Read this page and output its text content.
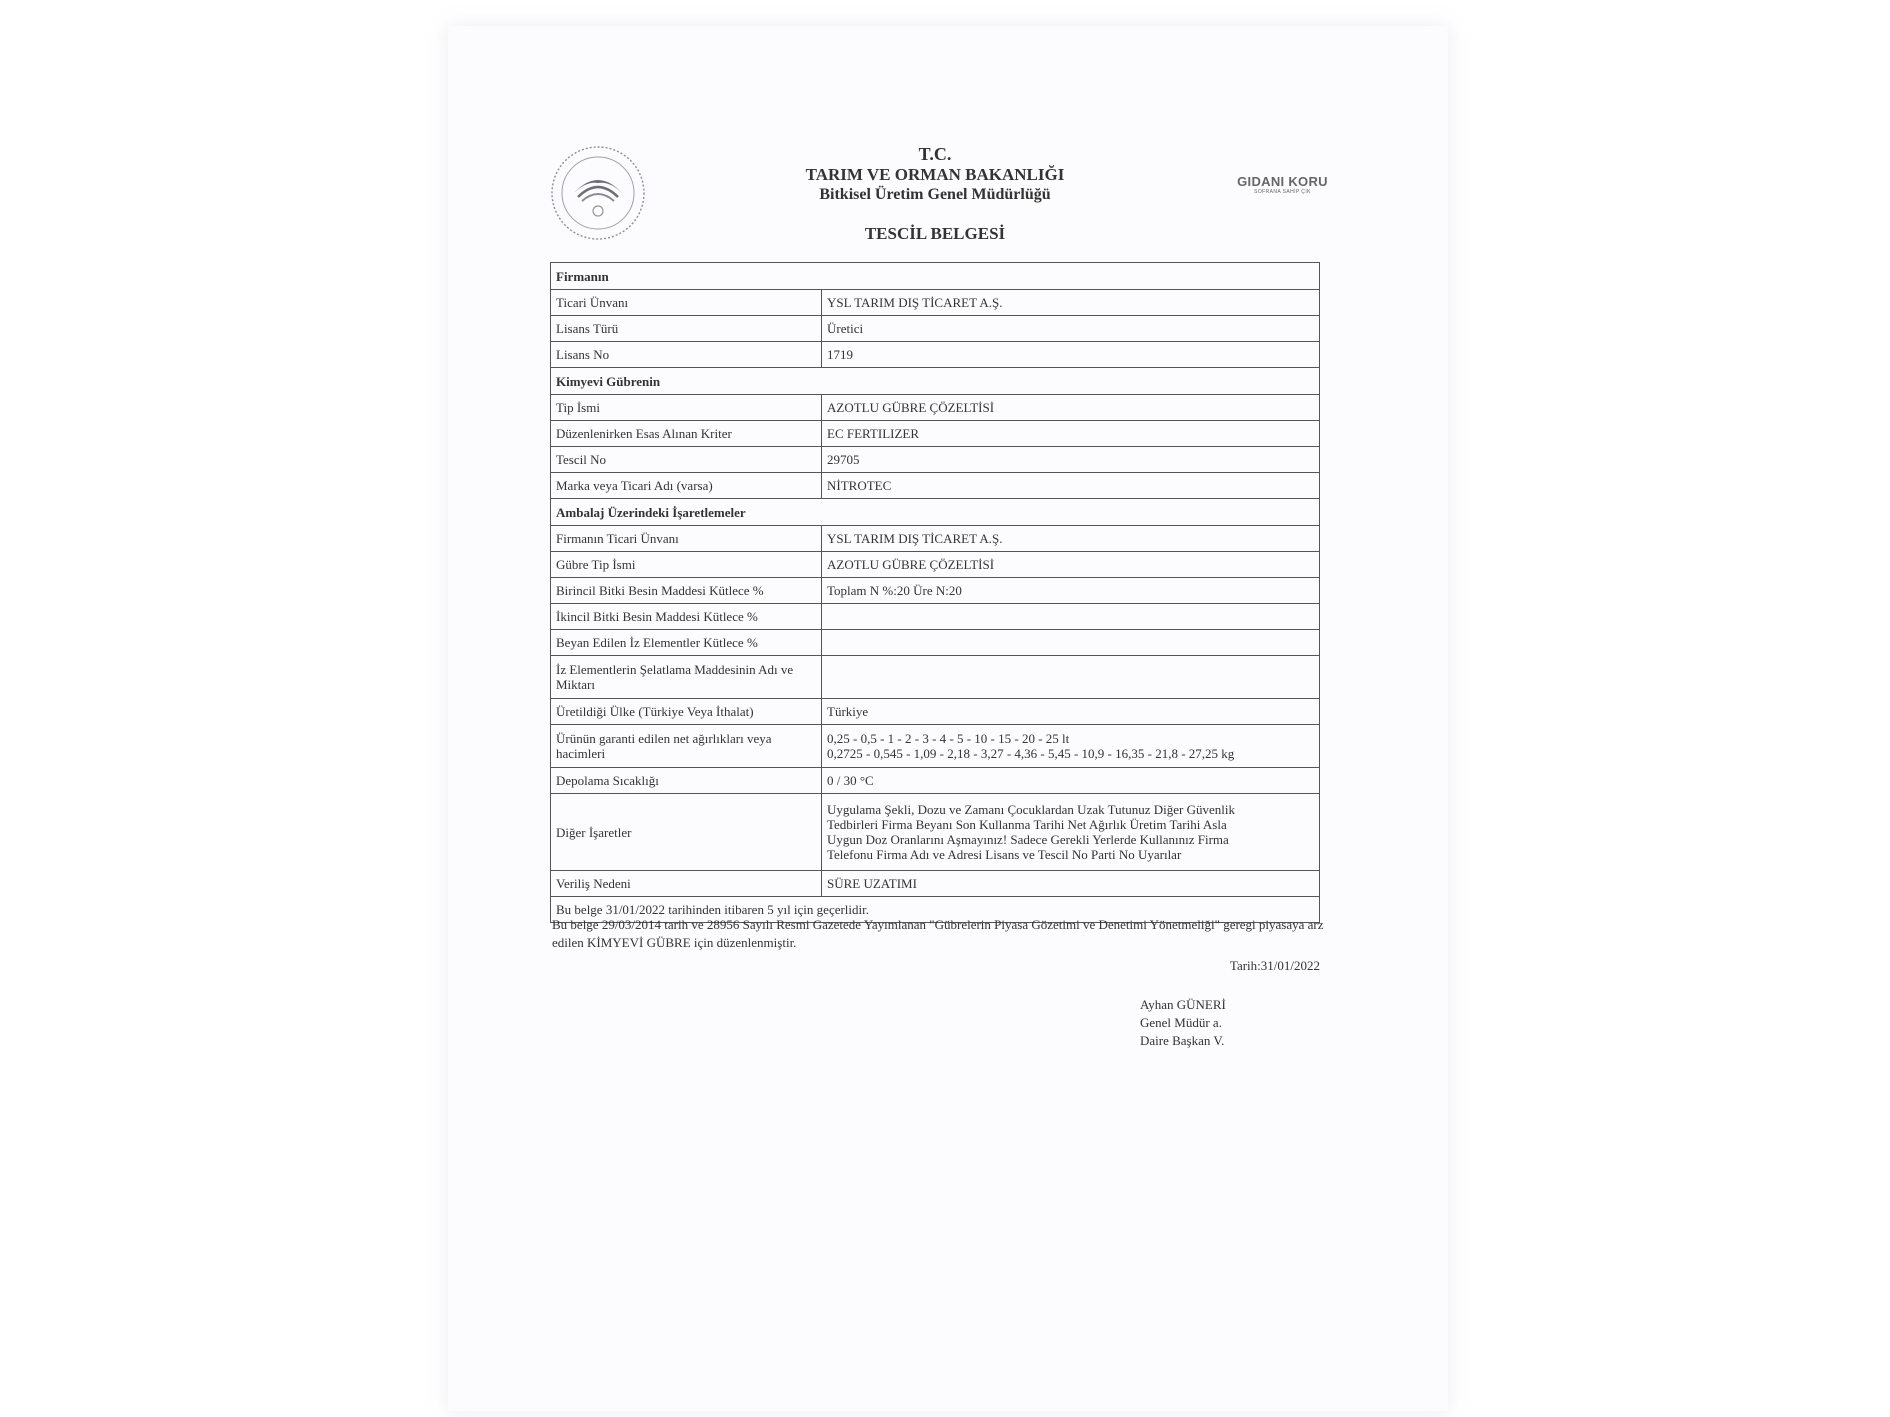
T.C.
TARIM VE ORMAN BAKANLIĞI
Bitkisel Üretim Genel Müdürlüğü
TESCİL BELGESİ
GIDANI KORU
SOFRANA SAHİP ÇIK
Firmanın	
Ticari Ünvanı	YSL TARIM DIŞ TİCARET A.Ş.
Lisans Türü	Üretici
Lisans No	1719
Kimyevi Gübrenin	
Tip İsmi	AZOTLU GÜBRE ÇÖZELTİSİ
Düzenlenirken Esas Alınan Kriter	EC FERTILIZER
Tescil No	29705
Marka veya Ticari Adı (varsa)	NİTROTEC
Ambalaj Üzerindeki İşaretlemeler	
Firmanın Ticari Ünvanı	YSL TARIM DIŞ TİCARET A.Ş.
Gübre Tip İsmi	AZOTLU GÜBRE ÇÖZELTİSİ
Birincil Bitki Besin Maddesi Kütlece %	Toplam N %:20 Üre N:20
İkincil Bitki Besin Maddesi Kütlece %	
Beyan Edilen İz Elementler Kütlece %	
İz Elementlerin Şelatlama Maddesinin Adı ve Miktarı	
Üretildiği Ülke (Türkiye Veya İthalat)	Türkiye
Ürünün garanti edilen net ağırlıkları veya hacimleri	0,25 - 0,5 - 1 - 2 - 3 - 4 - 5 - 10 - 15 - 20 - 25 lt
0,2725 - 0,545 - 1,09 - 2,18 - 3,27 - 4,36 - 5,45 - 10,9 - 16,35 - 21,8 - 27,25 kg
Depolama Sıcaklığı	0 / 30 °C
Diğer İşaretler	Uygulama Şekli, Dozu ve Zamanı Çocuklardan Uzak Tutunuz Diğer Güvenlik
Tedbirleri Firma Beyanı Son Kullanma Tarihi Net Ağırlık Üretim Tarihi Asla
Uygun Doz Oranlarını Aşmayınız! Sadece Gerekli Yerlerde Kullanınız Firma
Telefonu Firma Adı ve Adresi Lisans ve Tescil No Parti No Uyarılar
Veriliş Nedeni	SÜRE UZATIMI
Bu belge 31/01/2022 tarihinden itibaren 5 yıl için geçerlidir.	
Bu belge 29/03/2014 tarih ve 28956 Sayılı Resmi Gazetede Yayımlanan "Gübrelerin Piyasa Gözetimi ve Denetimi Yönetmeliği" geregi piyasaya arz edilen KİMYEVİ GÜBRE için düzenlenmiştir.
Tarih:31/01/2022
Ayhan GÜNERİ
Genel Müdür a.
Daire Başkan V.
